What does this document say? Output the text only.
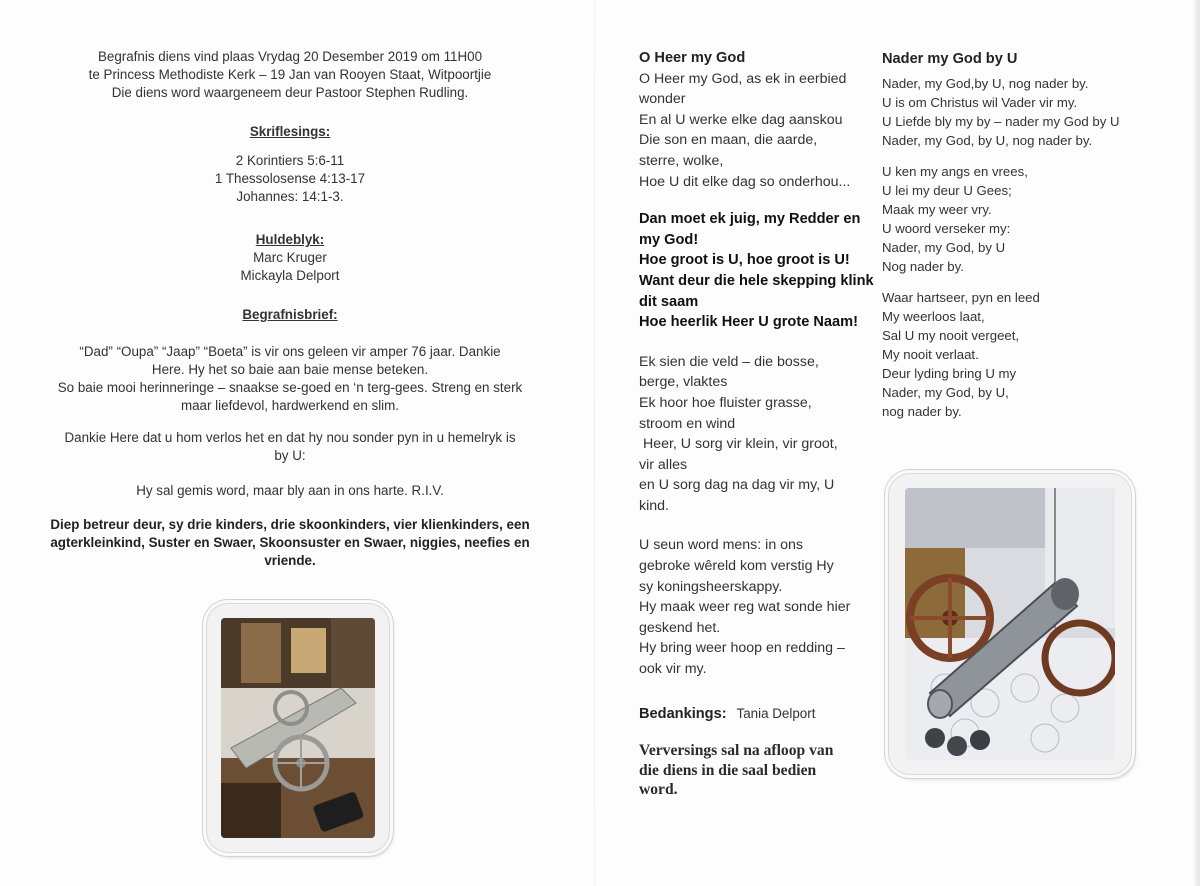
Begrafnis diens vind plaas Vrydag 20 Desember 2019 om 11H00

te Princess Methodiste Kerk – 19 Jan van Rooyen Staat, Witpoortjie

Die diens word waargeneem deur Pastoor Stephen Rudling.

Skriflesings:

2 Korintiers 5:6-11

1 Thessolosense 4:13-17

Johannes: 14:1-3.

Huldeblyk:

Marc Kruger

Mickayla Delport

Begrafnisbrief:

“Dad” “Oupa” “Jaap” “Boeta” is vir ons geleen vir amper 76 jaar. Dankie

Here. Hy het so baie aan baie mense beteken.

So baie mooi herinneringe – snaakse se-goed en ‘n terg-gees. Streng en sterk

maar liefdevol, hardwerkend en slim.

Dankie Here dat u hom verlos het en dat hy nou sonder pyn in u hemelryk is

by U:

Hy sal gemis word, maar bly aan in ons harte. R.I.V.

Diep betreur deur, sy drie kinders, drie skoonkinders, vier klienkinders, een

agterkleinkind, Suster en Swaer, Skoonsuster en Swaer, niggies, neefies en

vriende.

O Heer my God

O Heer my God, as ek in eerbied

wonder

En al U werke elke dag aanskou

Die son en maan, die aarde,

sterre, wolke,

Hoe U dit elke dag so onderhou...

Dan moet ek juig, my Redder en

my God!

Hoe groot is U, hoe groot is U!

Want deur die hele skepping klink

dit saam

Hoe heerlik Heer U grote Naam!

Ek sien die veld – die bosse,

berge, vlaktes

Ek hoor hoe fluister grasse,

stroom en wind

Heer, U sorg vir klein, vir groot,

vir alles

en U sorg dag na dag vir my, U

kind.

U seun word mens: in ons

gebroke wêreld kom verstig Hy

sy koningsheerskappy.

Hy maak weer reg wat sonde hier

geskend het.

Hy bring weer hoop en redding –

ook vir my.

Bedankings: Tania Delport

Verversings sal na afloop van

die diens in die saal bedien

word.

Nader my God by U

Nader, my God,by U, nog nader by.

U is om Christus wil Vader vir my.

U Liefde bly my by – nader my God by U

Nader, my God, by U, nog nader by.

U ken my angs en vrees,

U lei my deur U Gees;

Maak my weer vry.

U woord verseker my:

Nader, my God, by U

Nog nader by.

Waar hartseer, pyn en leed

My weerloos laat,

Sal U my nooit vergeet,

My nooit verlaat.

Deur lyding bring U my

Nader, my God, by U,

nog nader by.
